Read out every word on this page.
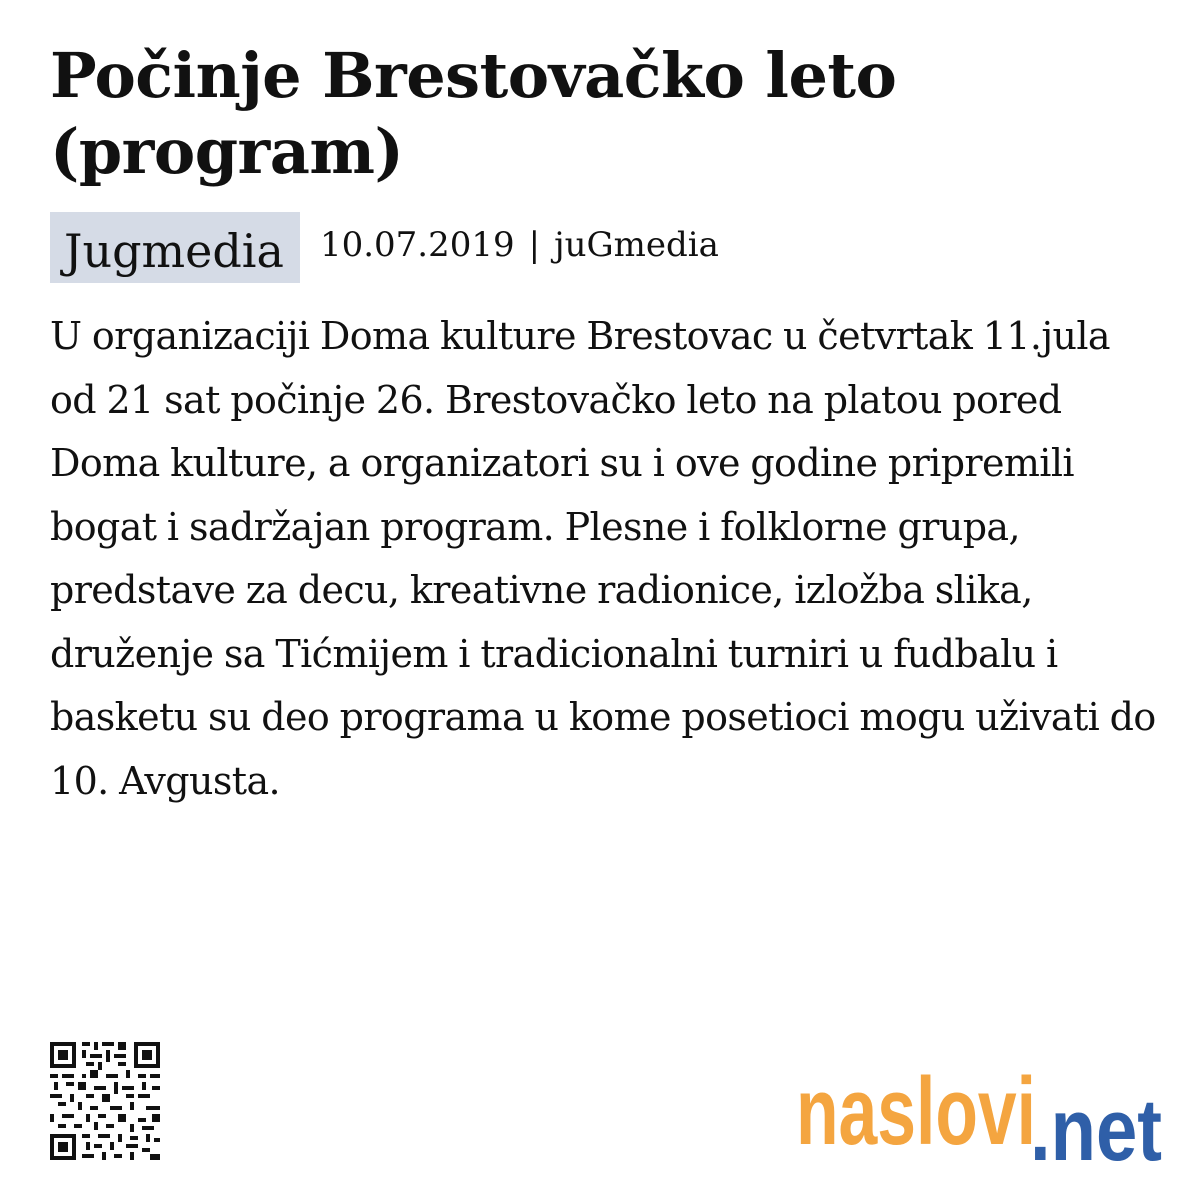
Počinje Brestovačko leto (program)
Jugmedia	10.07.2019 | juGmedia

U organizaciji Doma kulture Brestovac u četvrtak 11.jula od 21 sat počinje 26. Brestovačko leto na platou pored Doma kulture, a organizatori su i ove godine pripremili bogat i sadržajan program. Plesne i folklorne grupa, predstave za decu, kreativne radionice, izložba slika, druženje sa Tićmijem i tradicionalni turniri u fudbalu i basketu su deo programa u kome posetioci mogu uživati do 10. Avgusta.

naslovi
.net
